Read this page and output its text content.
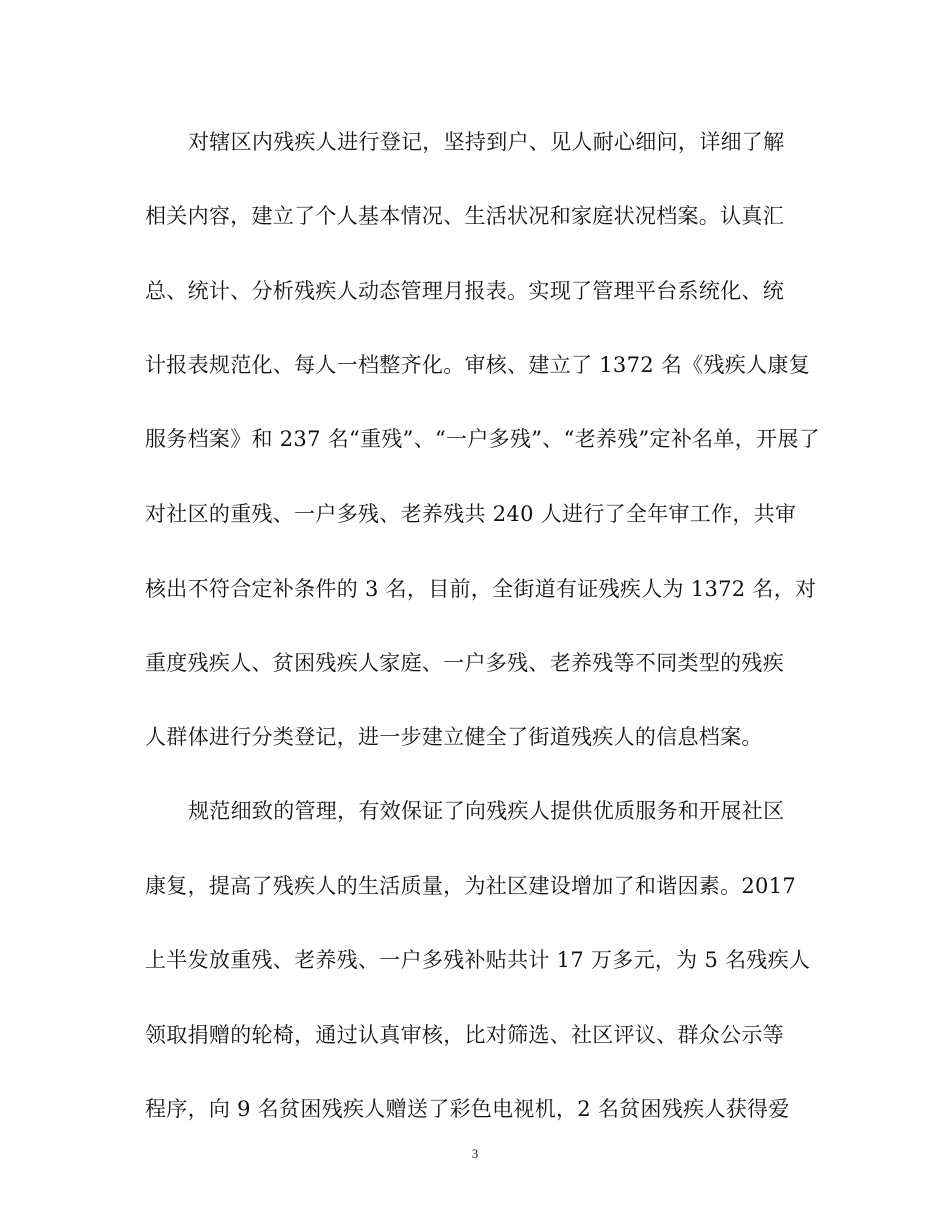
对辖区内残疾人进行登记，坚持到户、见人耐心细问，详细了解
相关内容，建立了个人基本情况、生活状况和家庭状况档案。认真汇
总、统计、分析残疾人动态管理月报表。实现了管理平台系统化、统
计报表规范化、每人一档整齐化。审核、建立了 1372 名《残疾人康复
服务档案》和 237 名“重残”、“一户多残”、“老养残”定补名单，开展了
对社区的重残、一户多残、老养残共 240 人进行了全年审工作，共审
核出不符合定补条件的 3 名，目前，全街道有证残疾人为 1372 名，对
重度残疾人、贫困残疾人家庭、一户多残、老养残等不同类型的残疾
人群体进行分类登记，进一步建立健全了街道残疾人的信息档案。
规范细致的管理，有效保证了向残疾人提供优质服务和开展社区
康复，提高了残疾人的生活质量，为社区建设增加了和谐因素。2017
上半发放重残、老养残、一户多残补贴共计 17 万多元，为 5 名残疾人
领取捐赠的轮椅，通过认真审核，比对筛选、社区评议、群众公示等
程序，向 9 名贫困残疾人赠送了彩色电视机，2 名贫困残疾人获得爱
3
